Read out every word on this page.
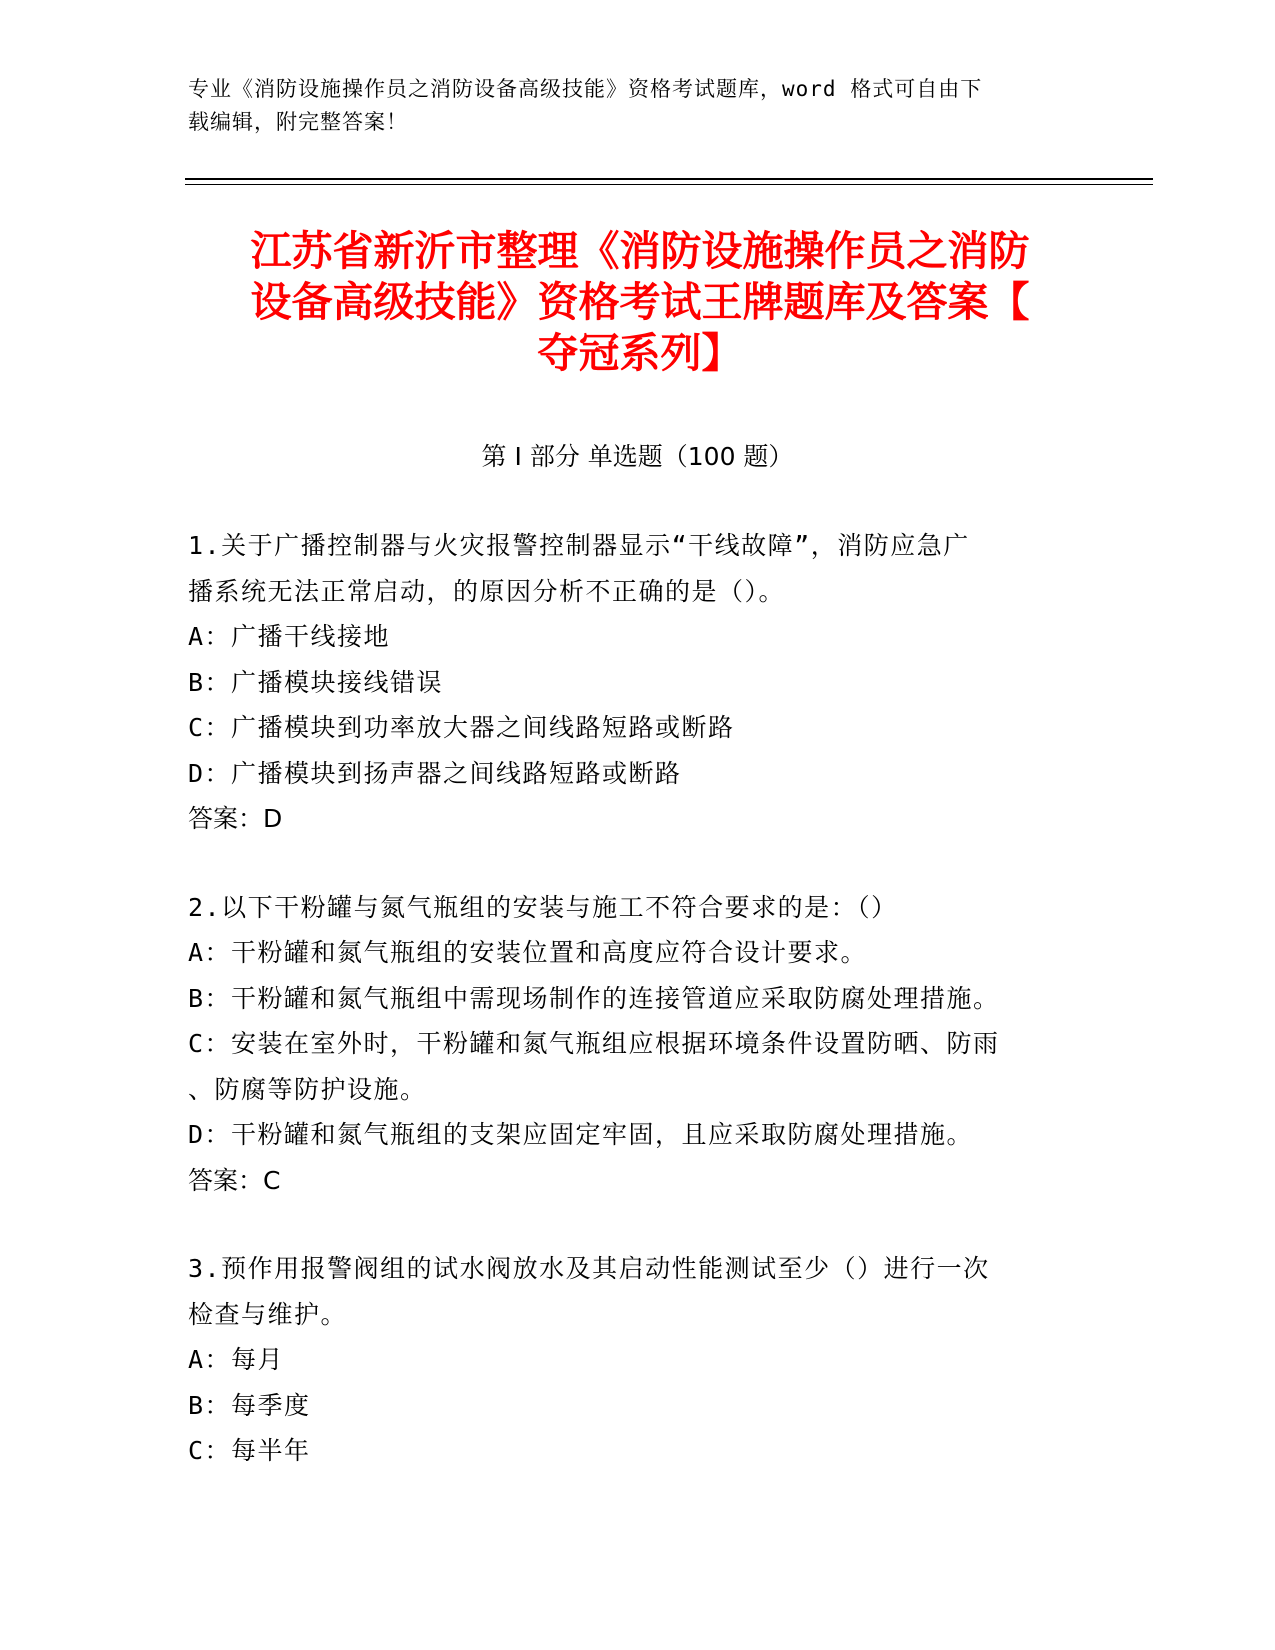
专业《消防设施操作员之消防设备高级技能》资格考试题库，word 格式可自由下
载编辑，附完整答案！
江苏省新沂市整理《消防设施操作员之消防
设备高级技能》资格考试王牌题库及答案【
夺冠系列】
第 I 部分 单选题（100 题）
1.关于广播控制器与火灾报警控制器显示“干线故障”，消防应急广
播系统无法正常启动，的原因分析不正确的是（）。
A：广播干线接地
B：广播模块接线错误
C：广播模块到功率放大器之间线路短路或断路
D：广播模块到扬声器之间线路短路或断路
答案：D
2.以下干粉罐与氮气瓶组的安装与施工不符合要求的是：（）
A：干粉罐和氮气瓶组的安装位置和高度应符合设计要求。
B：干粉罐和氮气瓶组中需现场制作的连接管道应采取防腐处理措施。
C：安装在室外时，干粉罐和氮气瓶组应根据环境条件设置防晒、防雨
、防腐等防护设施。
D：干粉罐和氮气瓶组的支架应固定牢固，且应采取防腐处理措施。
答案：C
3.预作用报警阀组的试水阀放水及其启动性能测试至少（）进行一次
检查与维护。
A：每月
B：每季度
C：每半年
